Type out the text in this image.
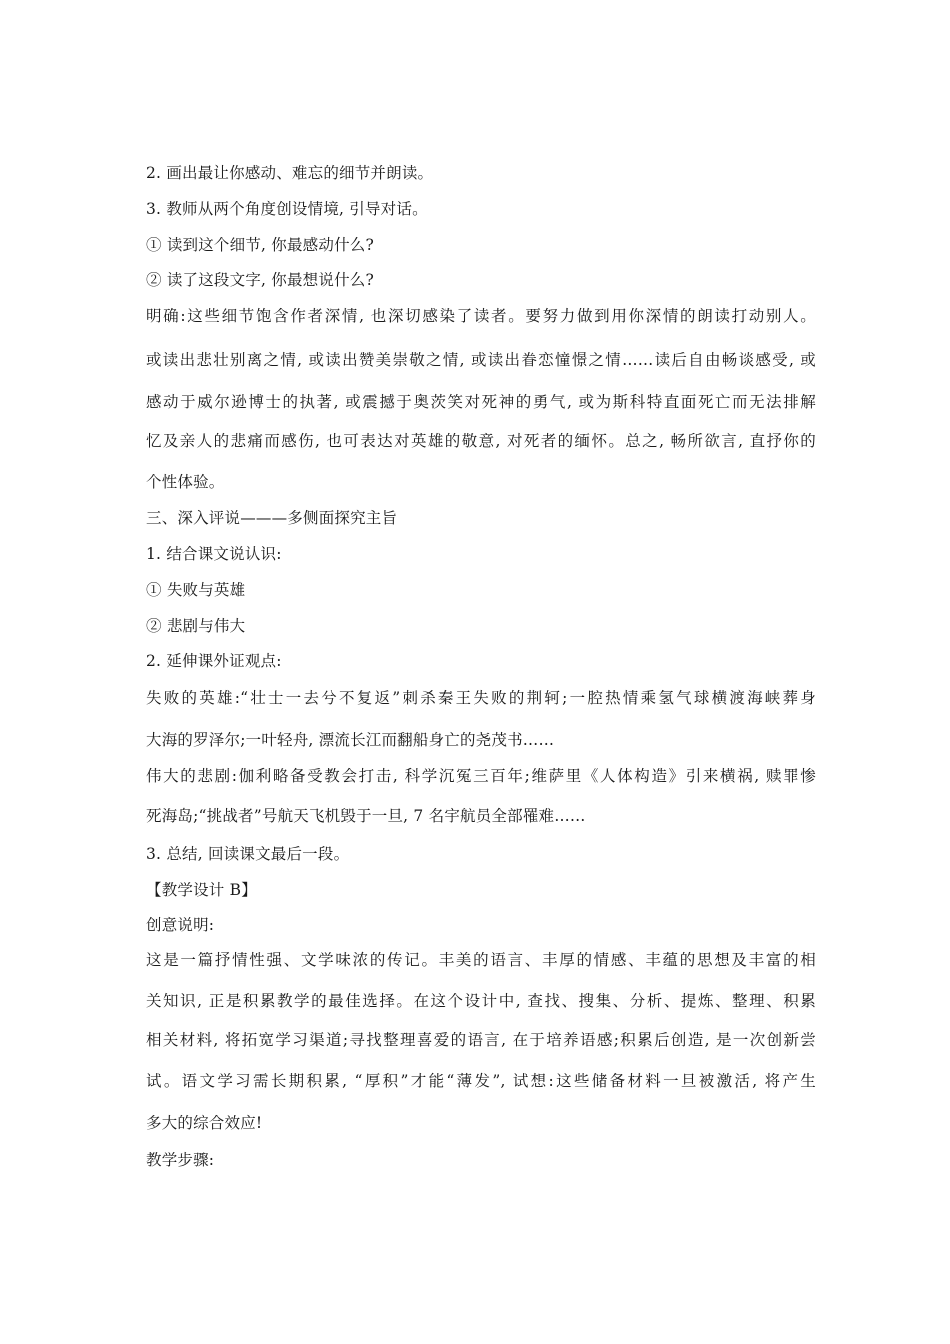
2. 画出最让你感动、难忘的细节并朗读。
3. 教师从两个角度创设情境, 引导对话。
① 读到这个细节, 你最感动什么?
② 读了这段文字, 你最想说什么?
明确:这些细节饱含作者深情, 也深切感染了读者。要努力做到用你深情的朗读打动别人。
或读出悲壮别离之情, 或读出赞美崇敬之情, 或读出眷恋憧憬之情……读后自由畅谈感受, 或
感动于威尔逊博士的执著, 或震撼于奥茨笑对死神的勇气, 或为斯科特直面死亡而无法排解
忆及亲人的悲痛而感伤, 也可表达对英雄的敬意, 对死者的缅怀。总之, 畅所欲言, 直抒你的
个性体验。
三、深入评说———多侧面探究主旨
1. 结合课文说认识:
① 失败与英雄
② 悲剧与伟大
2. 延伸课外证观点:
失败的英雄:“壮士一去兮不复返”刺杀秦王失败的荆轲;一腔热情乘氢气球横渡海峡葬身
大海的罗泽尔;一叶轻舟, 漂流长江而翻船身亡的尧茂书……
伟大的悲剧:伽利略备受教会打击, 科学沉冤三百年;维萨里《人体构造》引来横祸, 赎罪惨
死海岛;“挑战者”号航天飞机毁于一旦, 7 名宇航员全部罹难……
3. 总结, 回读课文最后一段。
【教学设计 B】
创意说明:
这是一篇抒情性强、文学味浓的传记。丰美的语言、丰厚的情感、丰蕴的思想及丰富的相
关知识, 正是积累教学的最佳选择。在这个设计中, 查找、搜集、分析、提炼、整理、积累
相关材料, 将拓宽学习渠道;寻找整理喜爱的语言, 在于培养语感;积累后创造, 是一次创新尝
试。语文学习需长期积累, “厚积”才能“薄发”, 试想:这些储备材料一旦被激活, 将产生
多大的综合效应!
教学步骤:
